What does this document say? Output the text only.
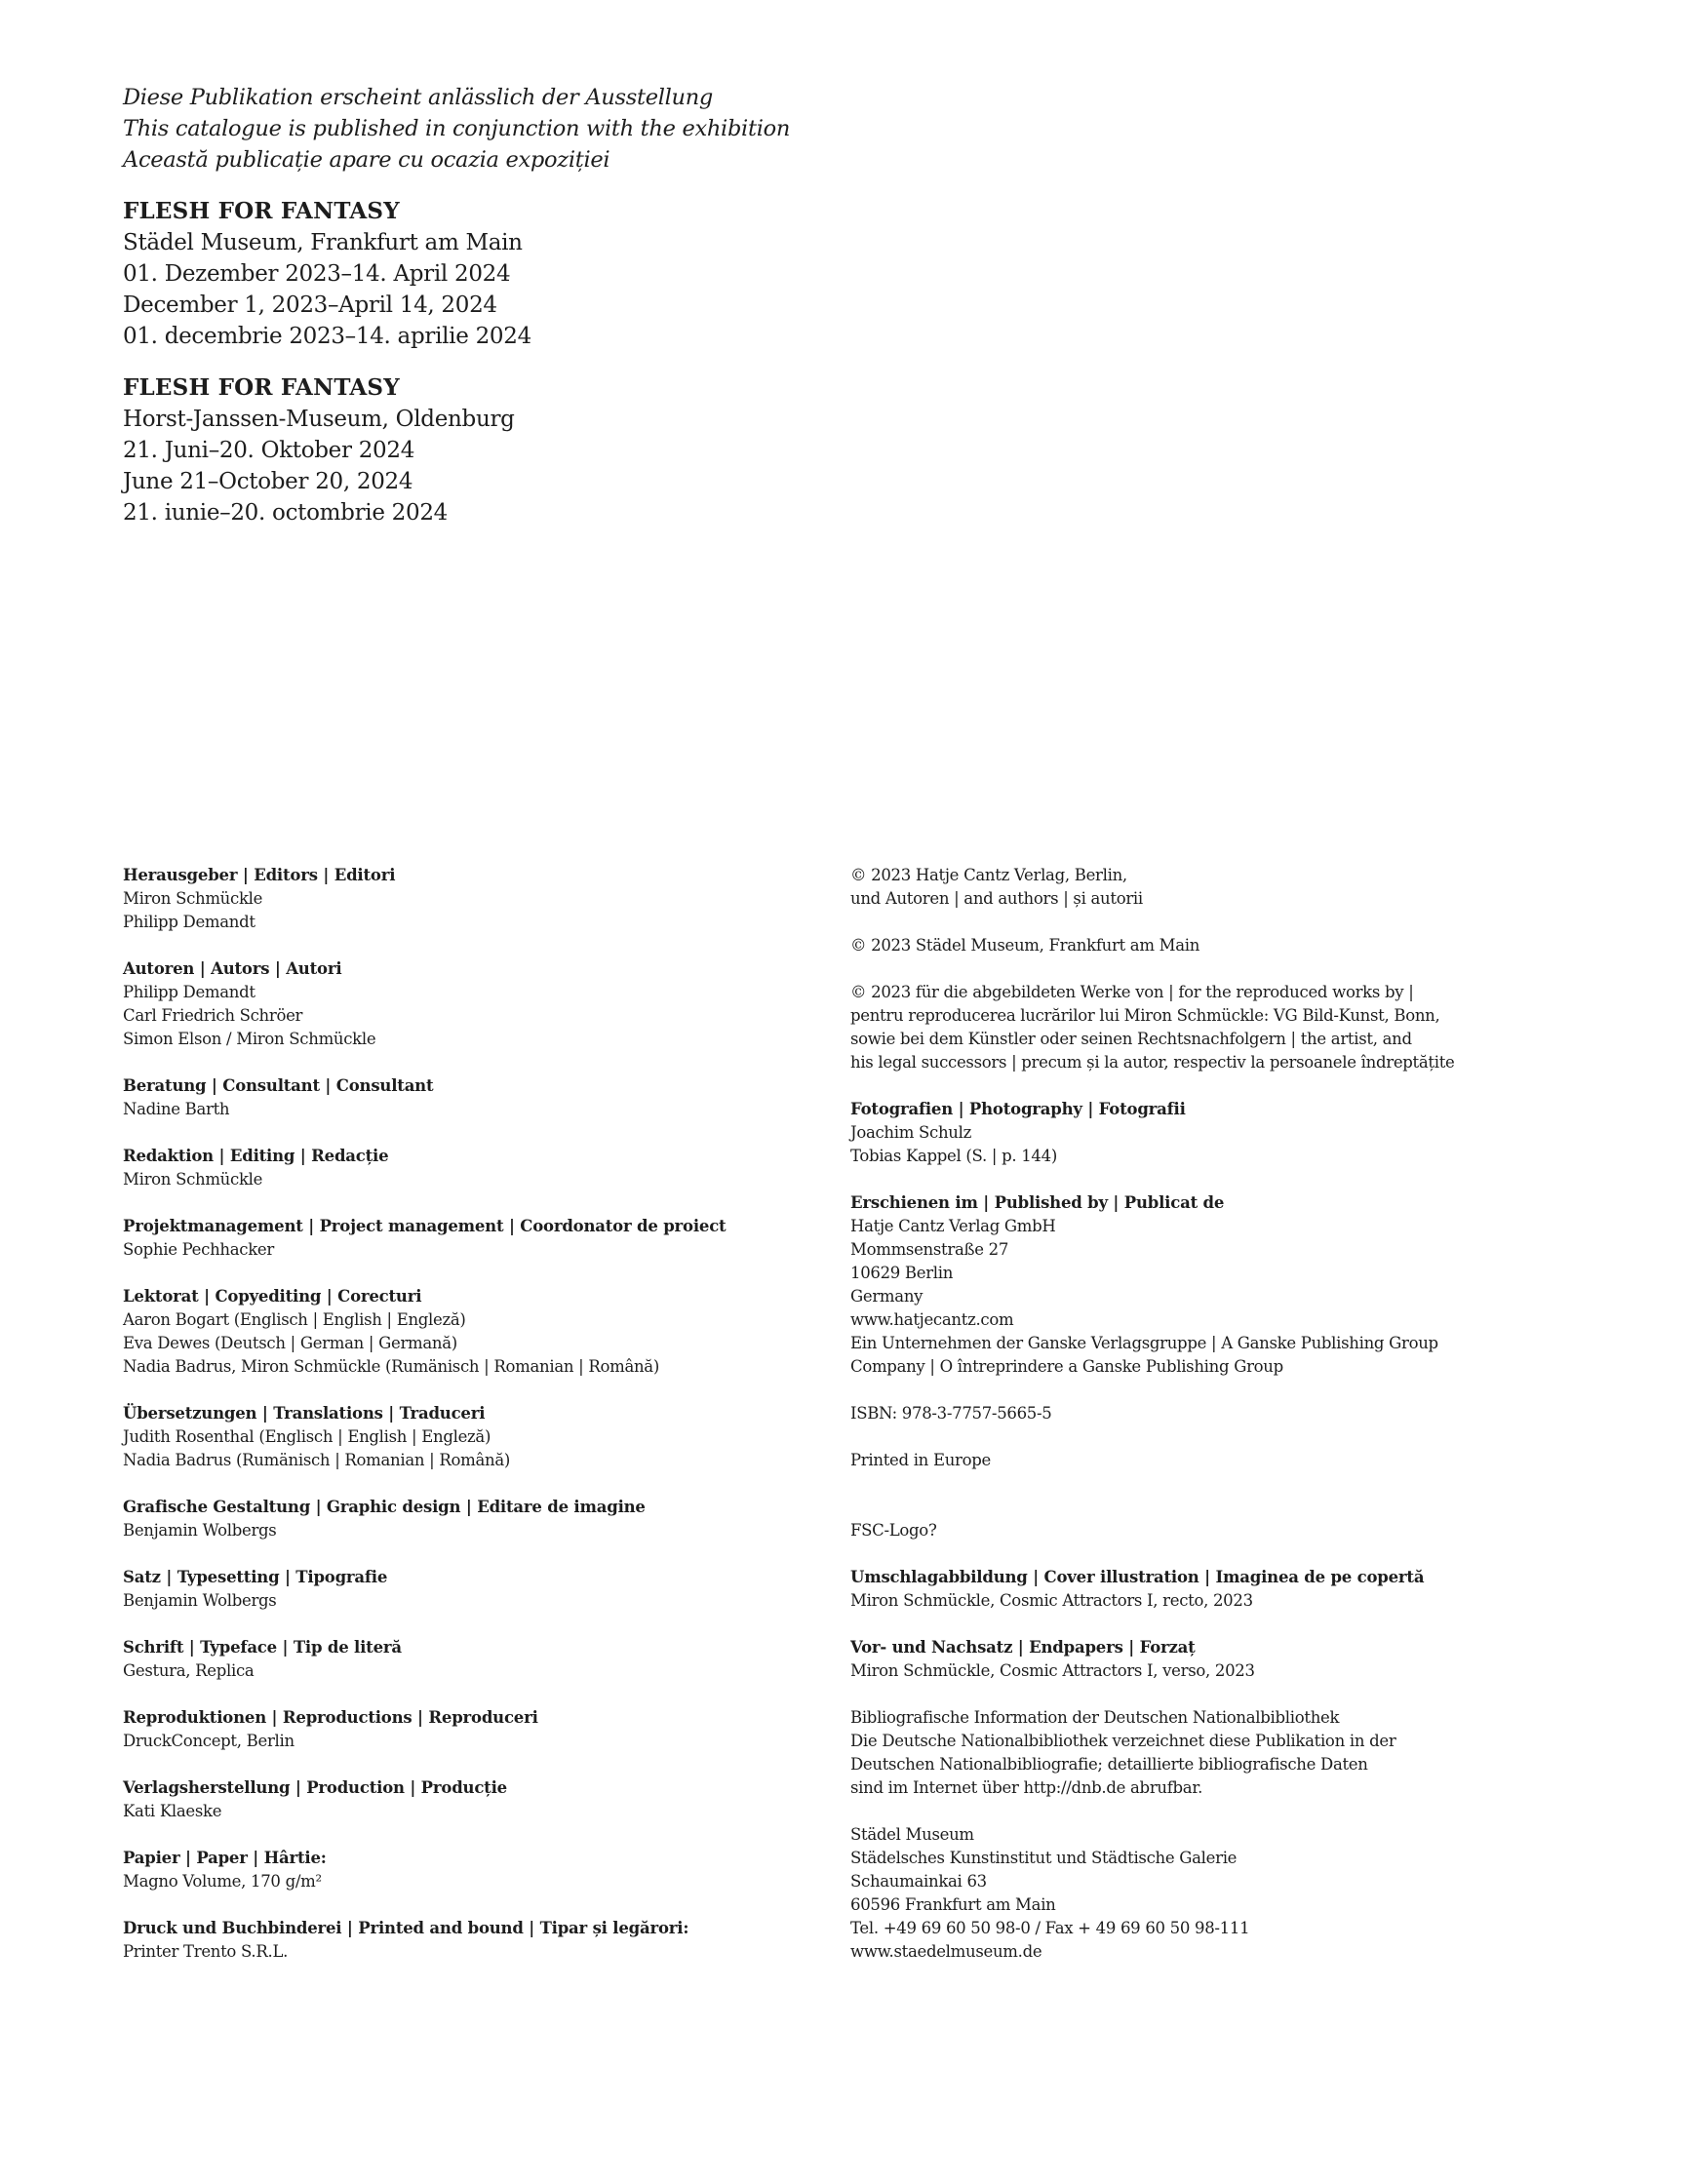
Diese Publikation erscheint anlässlich der Ausstellung
This catalogue is published in conjunction with the exhibition
Această publicație apare cu ocazia expoziției
FLESH FOR FANTASY
Städel Museum, Frankfurt am Main
01. Dezember 2023–14. April 2024
December 1, 2023–April 14, 2024
01. decembrie 2023–14. aprilie 2024
FLESH FOR FANTASY
Horst-Janssen-Museum, Oldenburg
21. Juni–20. Oktober 2024
June 21–October 20, 2024
21. iunie–20. octombrie 2024
Herausgeber | Editors | Editori
Miron Schmückle
Philipp Demandt
Autoren | Autors | Autori
Philipp Demandt
Carl Friedrich Schröer
Simon Elson / Miron Schmückle
Beratung | Consultant | Consultant
Nadine Barth
Redaktion | Editing | Redacție
Miron Schmückle
Projektmanagement | Project management | Coordonator de proiect
Sophie Pechhacker
Lektorat | Copyediting | Corecturi
Aaron Bogart (Englisch | English | Engleză)
Eva Dewes (Deutsch | German | Germană)
Nadia Badrus, Miron Schmückle (Rumänisch | Romanian | Română)
Übersetzungen | Translations | Traduceri
Judith Rosenthal (Englisch | English | Engleză)
Nadia Badrus (Rumänisch | Romanian | Română)
Grafische Gestaltung | Graphic design | Editare de imagine
Benjamin Wolbergs
Satz | Typesetting | Tipografie
Benjamin Wolbergs
Schrift | Typeface | Tip de literă
Gestura, Replica
Reproduktionen | Reproductions | Reproduceri
DruckConcept, Berlin
Verlagsherstellung | Production | Producție
Kati Klaeske
Papier | Paper | Hârtie:
Magno Volume, 170 g/m²
Druck und Buchbinderei | Printed and bound | Tipar și legărori:
Printer Trento S.R.L.
© 2023 Hatje Cantz Verlag, Berlin,
und Autoren | and authors | și autorii
© 2023 Städel Museum, Frankfurt am Main
© 2023 für die abgebildeten Werke von | for the reproduced works by |
pentru reproducerea lucrărilor lui Miron Schmückle: VG Bild-Kunst, Bonn,
sowie bei dem Künstler oder seinen Rechtsnachfolgern | the artist, and
his legal successors | precum și la autor, respectiv la persoanele îndreptățite
Fotografien | Photography | Fotografii
Joachim Schulz
Tobias Kappel (S. | p. 144)
Erschienen im | Published by | Publicat de
Hatje Cantz Verlag GmbH
Mommsenstraße 27
10629 Berlin
Germany
www.hatjecantz.com
Ein Unternehmen der Ganske Verlagsgruppe | A Ganske Publishing Group
Company | O întreprindere a Ganske Publishing Group
ISBN: 978-3-7757-5665-5
Printed in Europe

FSC-Logo?
Umschlagabbildung | Cover illustration | Imaginea de pe copertă
Miron Schmückle, Cosmic Attractors I, recto, 2023
Vor- und Nachsatz | Endpapers | Forzaț
Miron Schmückle, Cosmic Attractors I, verso, 2023
Bibliografische Information der Deutschen Nationalbibliothek
Die Deutsche Nationalbibliothek verzeichnet diese Publikation in der
Deutschen Nationalbibliografie; detaillierte bibliografische Daten
sind im Internet über http://dnb.de abrufbar.
Städel Museum
Städelsches Kunstinstitut und Städtische Galerie
Schaumainkai 63
60596 Frankfurt am Main
Tel. +49 69 60 50 98-0 / Fax + 49 69 60 50 98-111
www.staedelmuseum.de
